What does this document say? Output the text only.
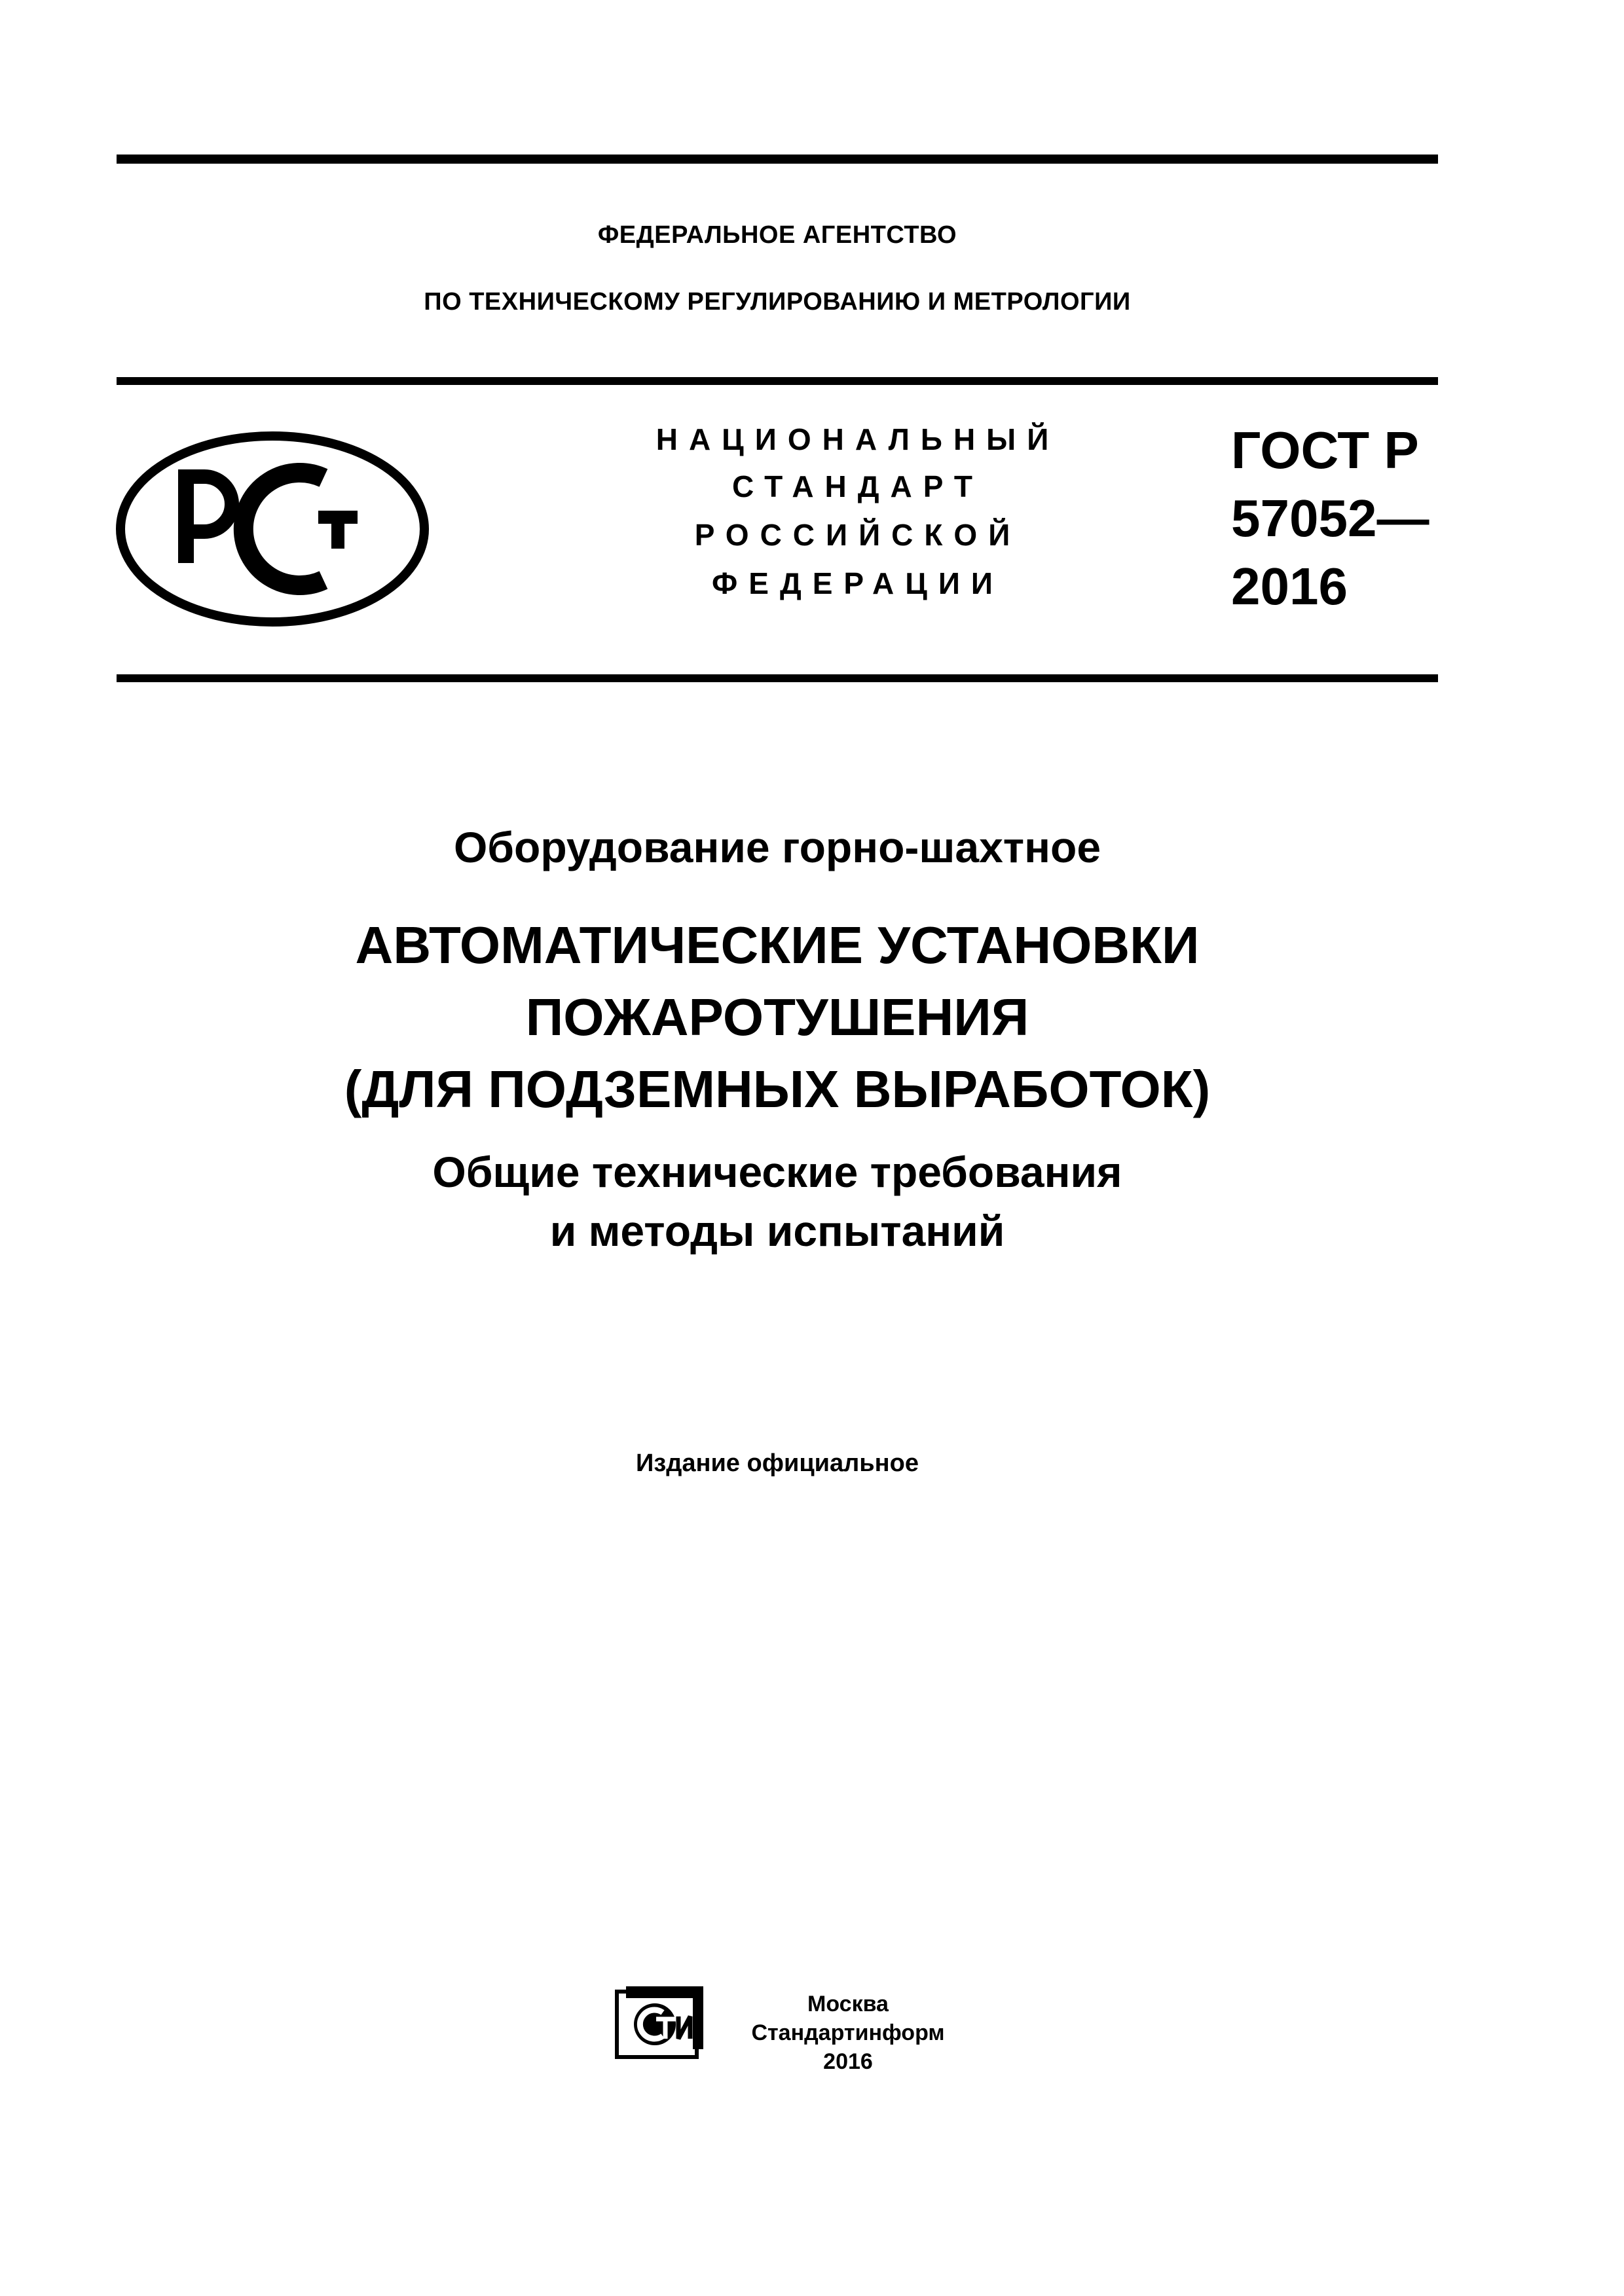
ФЕДЕРАЛЬНОЕ АГЕНТСТВО
ПО ТЕХНИЧЕСКОМУ РЕГУЛИРОВАНИЮ И МЕТРОЛОГИИ
НАЦИОНАЛЬНЫЙ
СТАНДАРТ
РОССИЙСКОЙ
ФЕДЕРАЦИИ
ГОСТ Р
57052—
2016
Оборудование горно-шахтное
АВТОМАТИЧЕСКИЕ УСТАНОВКИ
ПОЖАРОТУШЕНИЯ
(ДЛЯ ПОДЗЕМНЫХ ВЫРАБОТОК)
Общие технические требования
и методы испытаний
Издание официальное
Москва
Стандартинформ
2016
